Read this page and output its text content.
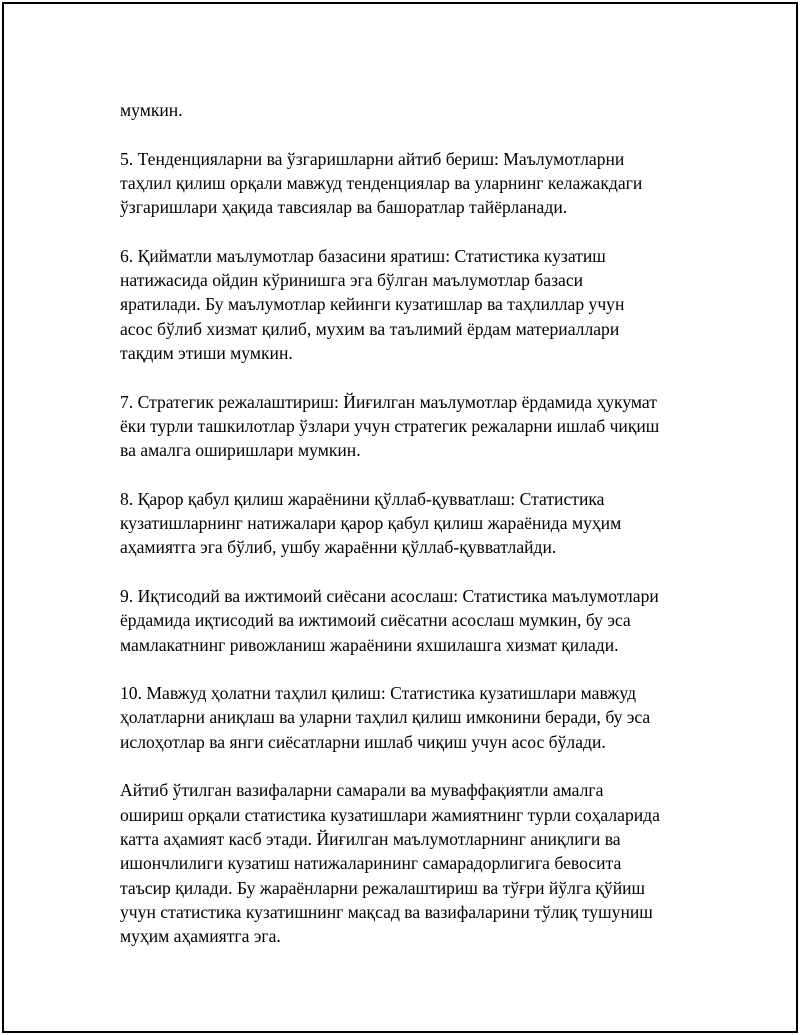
мумкин.

5. Тенденцияларни ва ўзгаришларни айтиб бериш: Маълумотларни
таҳлил қилиш орқали мавжуд тенденциялар ва уларнинг келажакдаги
ўзгаришлари ҳақида тавсиялар ва башоратлар тайёрланади.

6. Қийматли маълумотлар базасини яратиш: Статистика кузатиш
натижасида ойдин кўринишга эга бўлган маълумотлар базаси
яратилади. Бу маълумотлар кейинги кузатишлар ва таҳлиллар учун
асос бўлиб хизмат қилиб, мухим ва таълимий ёрдам материаллари
тақдим этиши мумкин.

7. Стратегик режалаштириш: Йиғилган маълумотлар ёрдамида ҳукумат
ёки турли ташкилотлар ўзлари учун стратегик режаларни ишлаб чиқиш
ва амалга оширишлари мумкин.

8. Қарор қабул қилиш жараёнини қўллаб-қувватлаш: Статистика
кузатишларнинг натижалари қарор қабул қилиш жараёнида муҳим
аҳамиятга эга бўлиб, ушбу жараённи қўллаб-қувватлайди.

9. Иқтисодий ва ижтимоий сиёсани асослаш: Статистика маълумотлари
ёрдамида иқтисодий ва ижтимоий сиёсатни асослаш мумкин, бу эса
мамлакатнинг ривожланиш жараёнини яхшилашга хизмат қилади.

10. Мавжуд ҳолатни таҳлил қилиш: Статистика кузатишлари мавжуд
ҳолатларни аниқлаш ва уларни таҳлил қилиш имконини беради, бу эса
ислоҳотлар ва янги сиёсатларни ишлаб чиқиш учун асос бўлади.

Айтиб ўтилган вазифаларни самарали ва муваффақиятли амалга
ошириш орқали статистика кузатишлари жамиятнинг турли соҳаларида
катта аҳамият касб этади. Йиғилган маълумотларнинг аниқлиги ва
ишончлилиги кузатиш натижаларининг самарадорлигига бевосита
таъсир қилади. Бу жараёнларни режалаштириш ва тўғри йўлга қўйиш
учун статистика кузатишнинг мақсад ва вазифаларини тўлиқ тушуниш
муҳим аҳамиятга эга.
